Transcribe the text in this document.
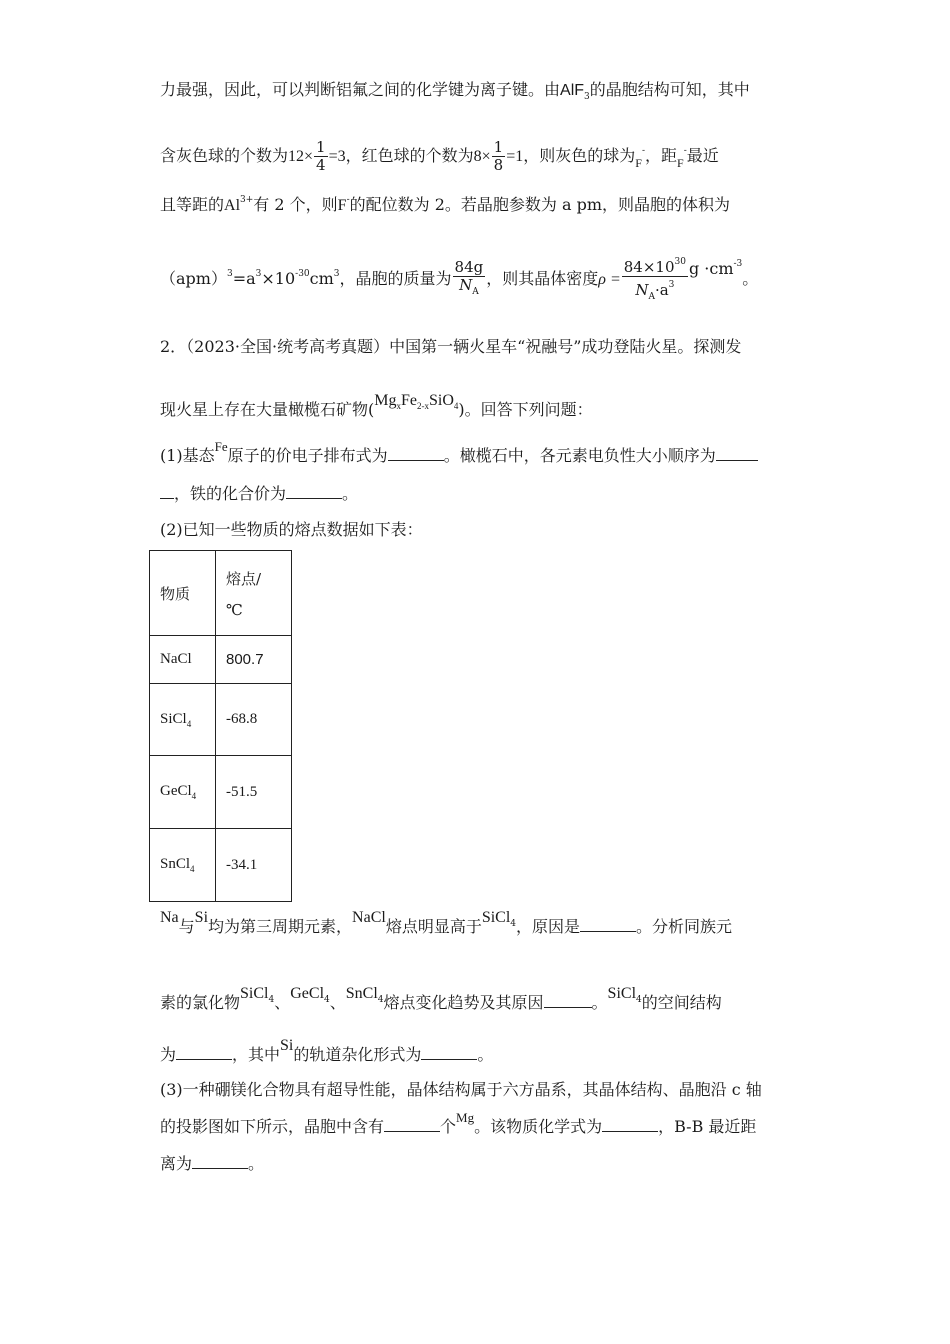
力最强，因此，可以判断铝氟之间的化学键为离子键。由AlF$_3$的晶胞结构可知，其中
含灰色球的个数为$12\times \frac{1}{4} =3$，红色球的个数为$8\times \frac{1}{8} =1$，则灰色的球为$_F$-，距$_F$-最近
且等距的$Al^{3+}$有 2 个，则F-的配位数为 2。若晶胞参数为 a pm，则晶胞的体积为
$(apm)^3=a^3\times 10^{-30}cm^3$，晶胞的质量为 $\frac{84g}{N_A}$ ，则其晶体密度$\rho = \frac{84\times 10^{30}}{N_A\cdot a^3}$ $g \cdot cm^{-3}$。
2．（2023·全国·统考高考真题）中国第一辆火星车“祝融号”成功登陆火星。探测发
现火星上存在大量橄榄石矿物$(Mg_xFe_{2-x}SiO_4)$。回答下列问题：
(1)基态$^{Fe}$原子的价电子排布式为	。橄榄石中，各元素电负性大小顺序为
，铁的化合价为	。
(2)已知一些物质的熔点数据如下表：
物质	熔点/
℃

NaCl	800.7
SiCl$_4$	-68.8
GeCl$_4$	-51.5
SnCl$_4$	-34.1
Na与Si均为第三周期元素，NaCl熔点明显高于SiCl$^4$，原因是	。分析同族元
素的氯化物SiCl$^4$、GeCl$^4$、SnCl$^4$熔点变化趋势及其原因	。SiCl$^4$的空间结构
为	，其中Si的轨道杂化形式为	。
(3)一种硼镁化合物具有超导性能，晶体结构属于六方晶系，其晶体结构、晶胞沿 c 轴
的投影图如下所示，晶胞中含有	个$^{Mg}$。该物质化学式为	，B-B 最近距
离为	。
